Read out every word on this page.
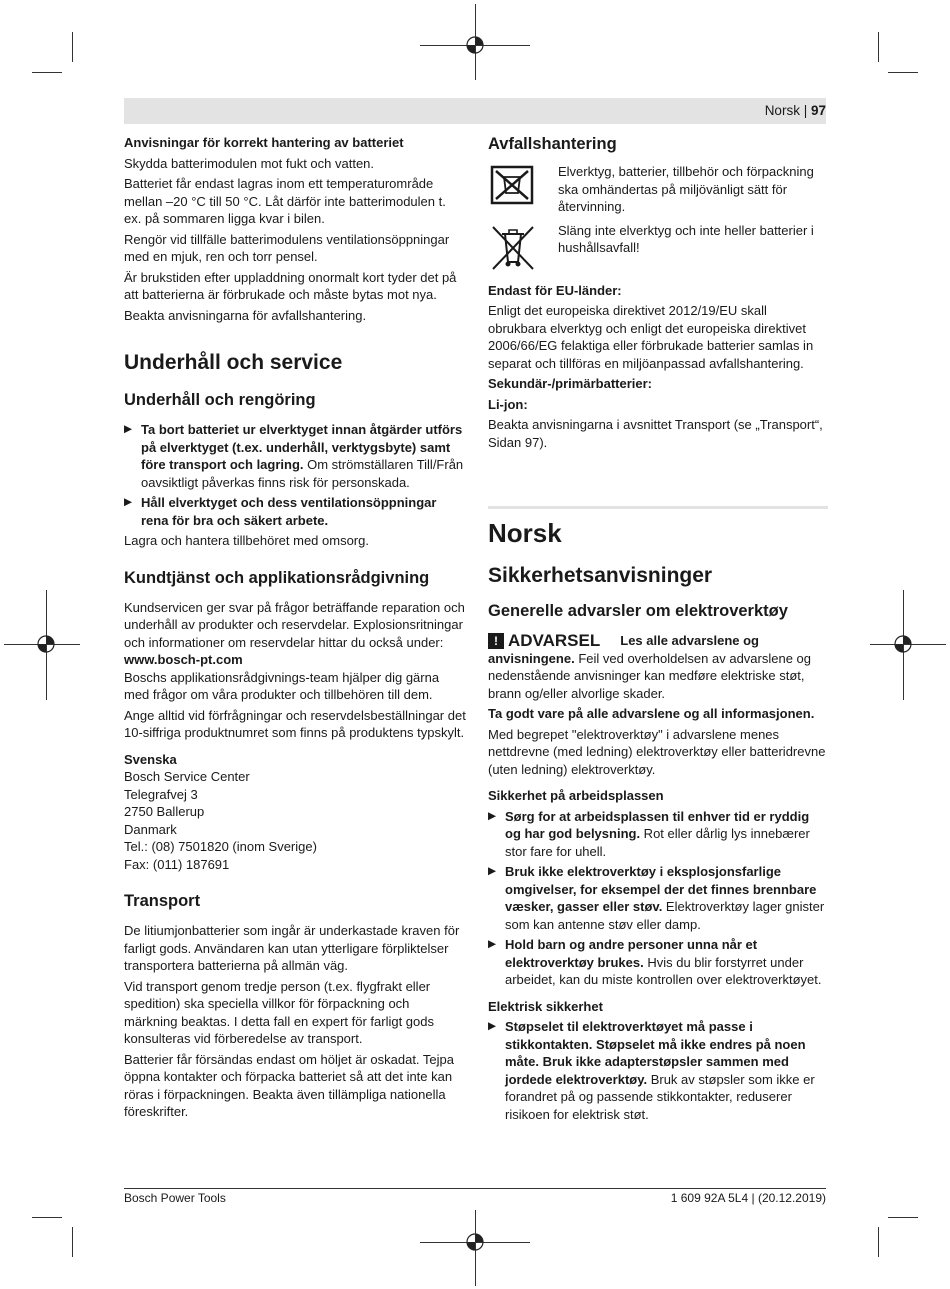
Norsk | 97
Anvisningar för korrekt hantering av batteriet

Skydda batterimodulen mot fukt och vatten.

Batteriet får endast lagras inom ett temperaturområde mellan –20 °C till 50 °C. Låt därför inte batterimodulen t. ex. på sommaren ligga kvar i bilen.

Rengör vid tillfälle batterimodulens ventilationsöppningar med en mjuk, ren och torr pensel.

Är brukstiden efter uppladdning onormalt kort tyder det på att batterierna är förbrukade och måste bytas mot nya.

Beakta anvisningarna för avfallshantering.

Underhåll och service
Underhåll och rengöring
▶ Ta bort batteriet ur elverktyget innan åtgärder utförs på elverktyget (t.ex. underhåll, verktygsbyte) samt före transport och lagring. Om strömställaren Till/Från oavsiktligt påverkas finns risk för personskada.
▶ Håll elverktyget och dess ventilationsöppningar rena för bra och säkert arbete.

Lagra och hantera tillbehöret med omsorg.

Kundtjänst och applikationsrådgivning

Kundservicen ger svar på frågor beträffande reparation och underhåll av produkter och reservdelar. Explosionsritningar och informationer om reservdelar hittar du också under:

www.bosch-pt.com

Boschs applikationsrådgivnings-team hjälper dig gärna med frågor om våra produkter och tillbehören till dem.

Ange alltid vid förfrågningar och reservdelsbeställningar det 10-siffriga produktnumret som finns på produktens typskylt.

Svenska
Bosch Service Center
Telegrafvej 3
2750 Ballerup
Danmark
Tel.: (08) 7501820 (inom Sverige)
Fax: (011) 187691
Transport

De litiumjonbatterier som ingår är underkastade kraven för farligt gods. Användaren kan utan ytterligare förpliktelser transportera batterierna på allmän väg.

Vid transport genom tredje person (t.ex. flygfrakt eller spedition) ska speciella villkor för förpackning och märkning beaktas. I detta fall en expert för farligt gods konsulteras vid förberedelse av transport.

Batterier får försändas endast om höljet är oskadat. Tejpa öppna kontakter och förpacka batteriet så att det inte kan röras i förpackningen. Beakta även tillämpliga nationella föreskrifter.

Avfallshantering
Elverktyg, batterier, tillbehör och förpackning ska omhändertas på miljövänligt sätt för återvinning.
Släng inte elverktyg och inte heller batterier i hushållsavfall!
Endast för EU-länder:

Enligt det europeiska direktivet 2012/19/EU skall obrukbara elverktyg och enligt det europeiska direktivet 2006/66/EG felaktiga eller förbrukade batterier samlas in separat och tillföras en miljöanpassad avfallshantering.

Sekundär-/primärbatterier:
Li-jon:

Beakta anvisningarna i avsnittet Transport (se „Transport“, Sidan 97).

Norsk
Sikkerhetsanvisninger
Generelle advarsler om elektroverktøy

! ADVARSEL Les alle advarslene og anvisningene. Feil ved overholdelsen av advarslene og nedenstående anvisninger kan medføre elektriske støt, brann og/eller alvorlige skader.

Ta godt vare på alle advarslene og all informasjonen.

Med begrepet "elektroverktøy" i advarslene menes nettdrevne (med ledning) elektroverktøy eller batteridrevne (uten ledning) elektroverktøy.

Sikkerhet på arbeidsplassen
▶ Sørg for at arbeidsplassen til enhver tid er ryddig og har god belysning. Rot eller dårlig lys innebærer stor fare for uhell.
▶ Bruk ikke elektroverktøy i eksplosjonsfarlige omgivelser, for eksempel der det finnes brennbare væsker, gasser eller støv. Elektroverktøy lager gnister som kan antenne støv eller damp.
▶ Hold barn og andre personer unna når et elektroverktøy brukes. Hvis du blir forstyrret under arbeidet, kan du miste kontrollen over elektroverktøyet.
Elektrisk sikkerhet
▶ Støpselet til elektroverktøyet må passe i stikkontakten. Støpselet må ikke endres på noen måte. Bruk ikke adapterstøpsler sammen med jordede elektroverktøy. Bruk av støpsler som ikke er forandret på og passende stikkontakter, reduserer risikoen for elektrisk støt.
Bosch Power Tools	1 609 92A 5L4 | (20.12.2019)
